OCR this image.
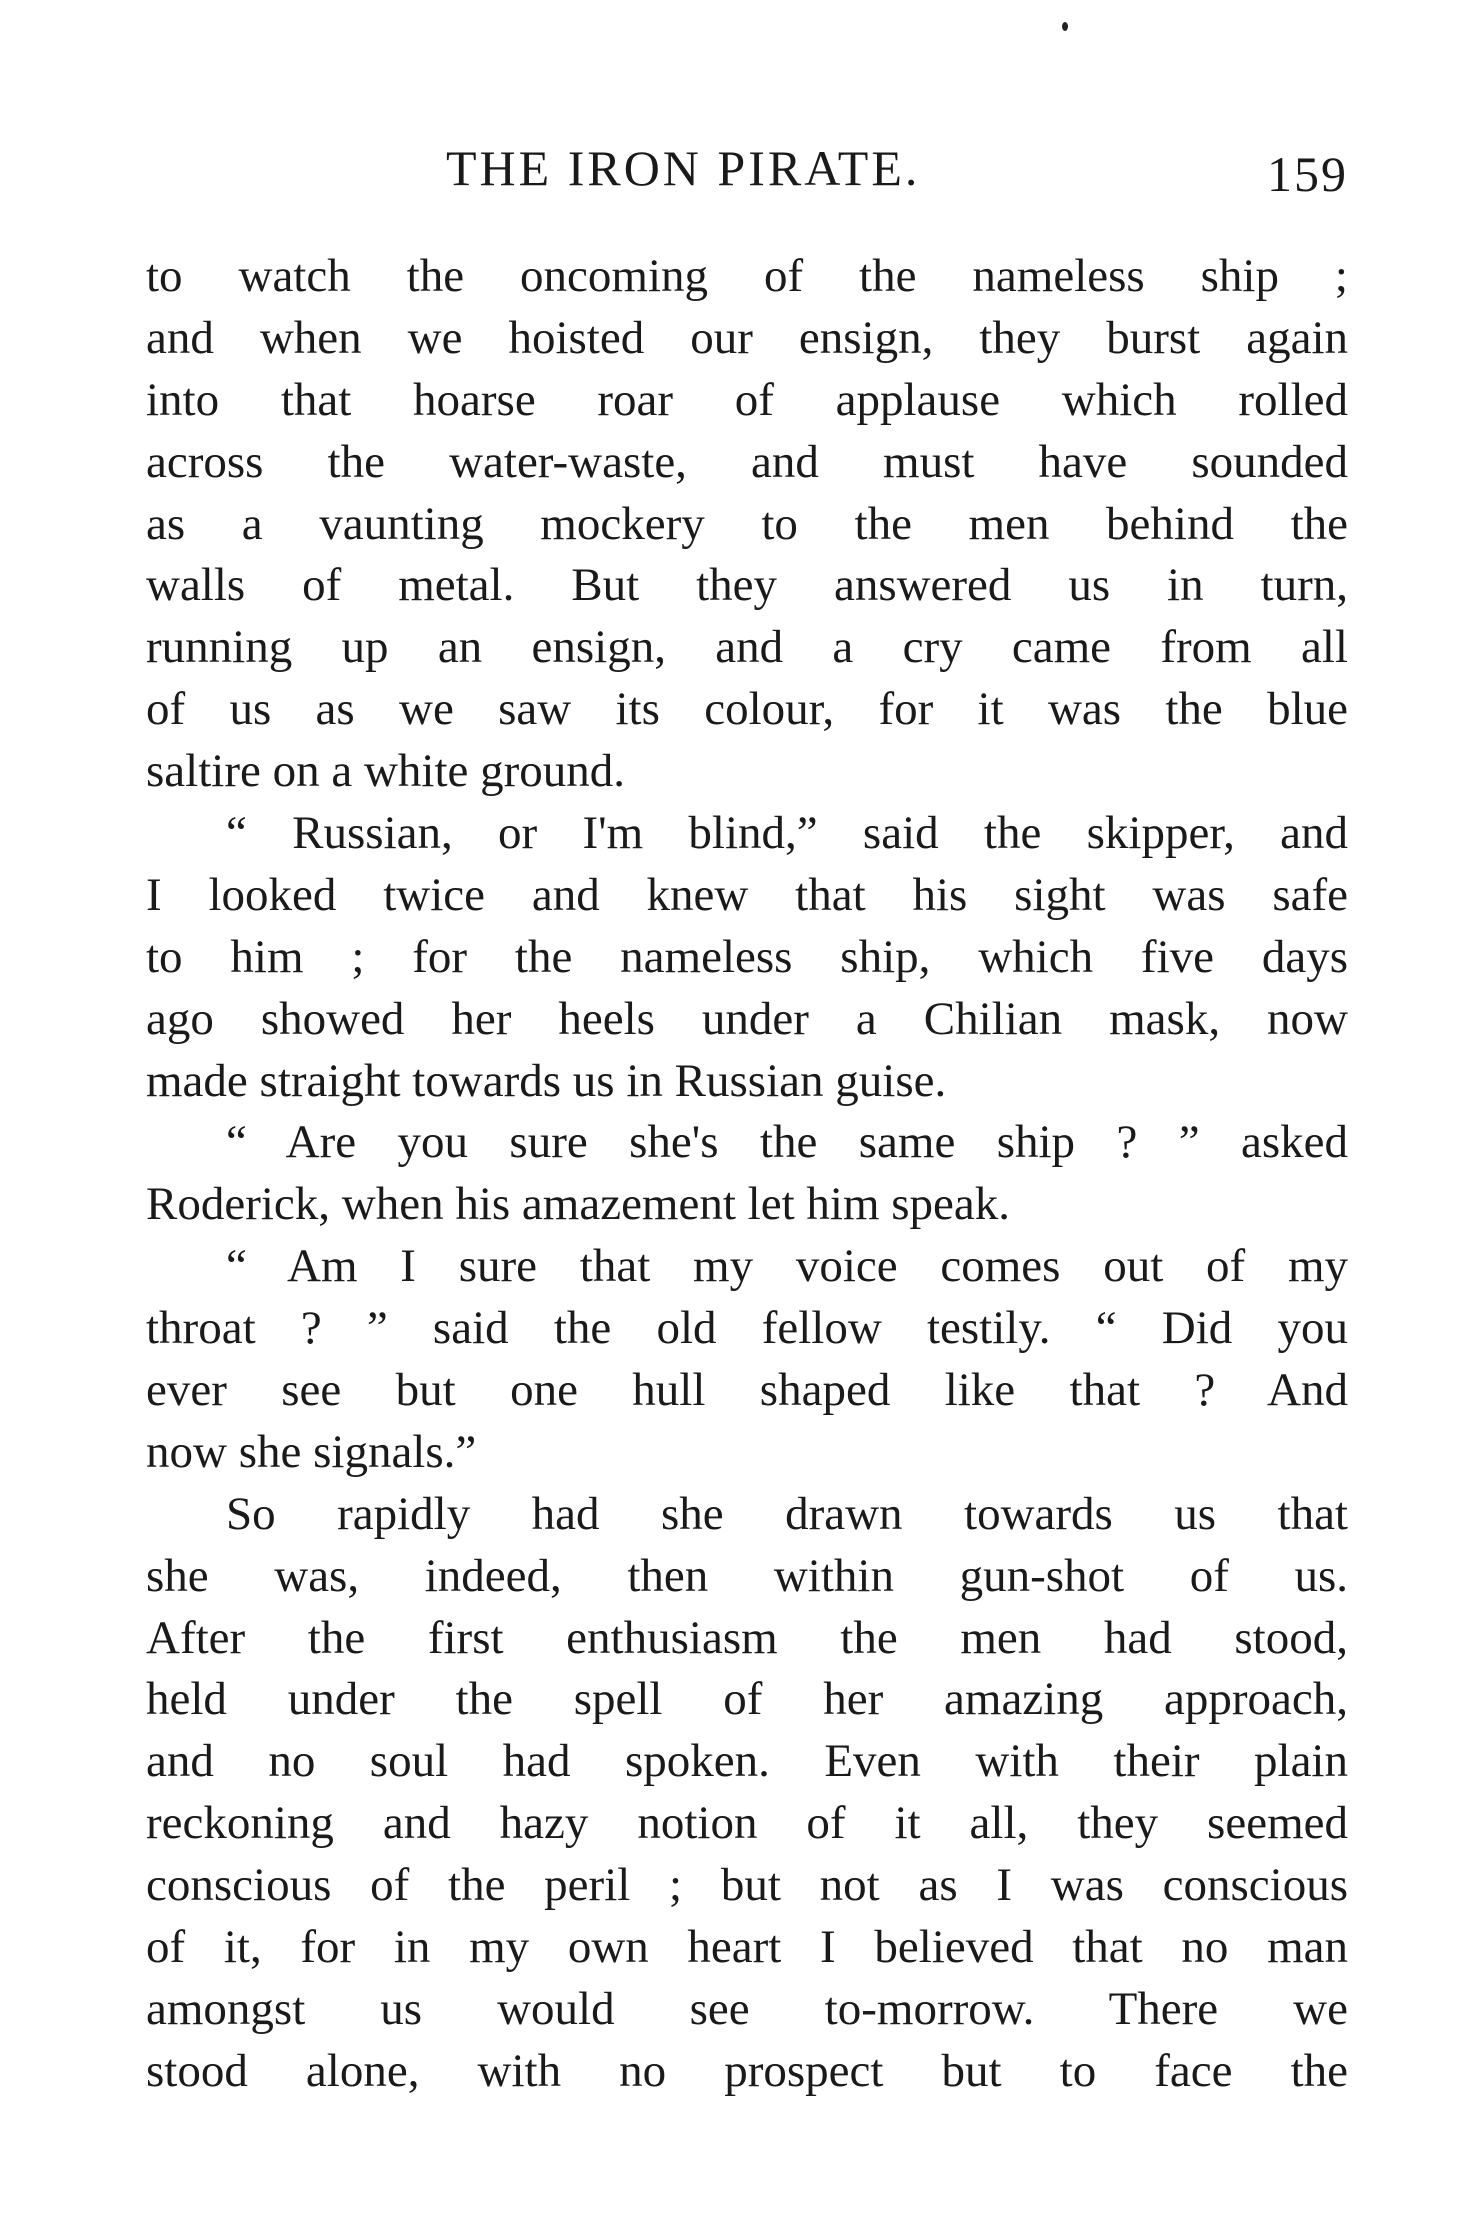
THE IRON PIRATE.	159
to watch the oncoming of the nameless ship ;
and when we hoisted our ensign, they burst again
into that hoarse roar of applause which rolled
across the water-waste, and must have sounded
as a vaunting mockery to the men behind the
walls of metal. But they answered us in turn,
running up an ensign, and a cry came from all
of us as we saw its colour, for it was the blue
saltire on a white ground.
“ Russian, or I'm blind,” said the skipper, and
I looked twice and knew that his sight was safe
to him ; for the nameless ship, which five days
ago showed her heels under a Chilian mask, now
made straight towards us in Russian guise.
“ Are you sure she's the same ship ? ” asked
Roderick, when his amazement let him speak.
“ Am I sure that my voice comes out of my
throat ? ” said the old fellow testily. “ Did you
ever see but one hull shaped like that ? And
now she signals.”
So rapidly had she drawn towards us that
she was, indeed, then within gun-shot of us.
After the first enthusiasm the men had stood,
held under the spell of her amazing approach,
and no soul had spoken. Even with their plain
reckoning and hazy notion of it all, they seemed
conscious of the peril ; but not as I was conscious
of it, for in my own heart I believed that no man
amongst us would see to-morrow. There we
stood alone, with no prospect but to face the
